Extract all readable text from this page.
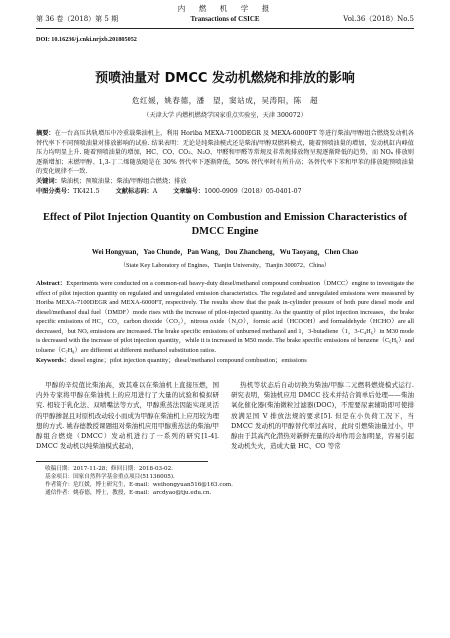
第 36 卷（2018）第 5 期
内　燃　机　学　报
Transactions of CSICE	Vol.36（2018）No.5
DOI: 10.16236/j.cnki.nrjxb.201805052
预喷油量对 DMCC 发动机燃烧和排放的影响
危红媛，姚春德，潘　望，窦站成，吴涛阳，陈　超
（天津大学 内燃机燃烧学国家重点实验室，天津 300072）
摘要：在一台高压共轨增压中冷重载柴油机上，利用 Horiba MEXA-7100DEGR 及 MEXA-6000FT 等进行柴油/甲醇组合燃烧发动机各替代率下不同预喷油量对排放影响的试验. 结果表明：无论是纯柴油模式还是柴油/甲醇双燃料模式，随着预喷油量的增加，发动机缸内峰值压力均明显上升. 随着预喷油量的增加，HC、CO、CO₂、N₂O、甲醛和甲醛等常规及非常规排放物呈现逐渐降低的趋势，而 NOₓ 排放则逐渐增加；未燃甲醇、1,3-丁二烯随放随是在 30% 替代率下逐渐降低，50% 替代率时有所升高；各替代率下苯和甲苯的排放随预喷油量的变化规律不一致.
关键词：柴油机；预喷油量；柴油/甲醇组合燃烧；排放
中图分类号：TK421.5	文献标志码：A	文章编号：1000-0909（2018）05-0401-07
Effect of Pilot Injection Quantity on Combustion and Emission Characteristics of DMCC Engine
Wei Hongyuan，Yao Chunde，Pan Wang，Dou Zhancheng，Wu Taoyang，Chen Chao
（State Key Laboratory of Engines，Tianjin University，Tianjin 300072，China）
Abstract：Experiments were conducted on a common-rail heavy-duty diesel/methanol compound combustion（DMCC）engine to investigate the effect of pilot injection quantity on regulated and unregulated emission characteristics. The regulated and unregulated emissions were measured by Horiba MEXA-7100DEGR and MEXA-6000FT, respectively. The results show that the peak in-cylinder pressure of both pure diesel mode and diesel/methanol dual fuel（DMDF）mode rises with the increase of pilot-injected quantity. As the quantity of pilot injection increases，the brake specific emissions of HC，CO，carbon dioxide（CO₂），nitrous oxide（N₂O），formic acid（HCOOH）and formaldehyde（HCHO）are all decreased，but NOₓ emissions are increased. The brake specific emissions of unburned methanol and 1，3-butadiene（1，3-C₄H₆）in M30 mode is decreased with the increase of pilot injection quantity，while it is increased in M50 mode. The brake specific emissions of benzene（C₆H₆）and toluene（C₇H₈）are different at different methanol substitution ratios.
Keywords：diesel engine；pilot injection quantity；diesel/methanol compound combustion；emissions
甲醇的辛烷值比柴油高，致其难以在柴油机上直接压燃，国内外专家将甲醇在柴油机上的应用进行了大量的试验和模拟研究. 相较于乳化法、双喷嘴法等方式，甲醇熏蒸法因能实现灵活的甲醇掺混且对原机改动较小而成为甲醇在柴油机上应用较为理想的方式. 姚春德教授课题组对柴油机应用甲醇熏蒸法的柴油/甲醇组合燃烧（DMCC）发动机进行了一系列的研究[1-4]. DMCC 发动机以纯柴油模式起动，
收稿日期：2017-11-28；修回日期：2018-03-02.
基金项目：国家自然科学基金重点项目(51136005).
作者简介：危红媛，博士研究生，E-mail：weihongyuan516@163.com.
通信作者：姚春德，博士，教授，E-mail：arcdyao@tju.edu.cn.
热机等状态后自动切换为柴油/甲醇二元燃料燃烧模式运行. 研究表明，柴油机应用 DMCC 技术并结合简单后处理——柴油氧化催化器(柴油微粒过滤器(DOC)，不需要尿素辅助即可使排放满足国 V 排放法规的要求[5]. 但是在小负荷工况下，当 DMCC 发动机的甲醇替代率过高时，此时引燃柴油量过小，甲醇由于其高汽化潜热对新鲜充量的冷却作用会加明显，容易引起发动机失火，造成大量 HC、CO 等常
